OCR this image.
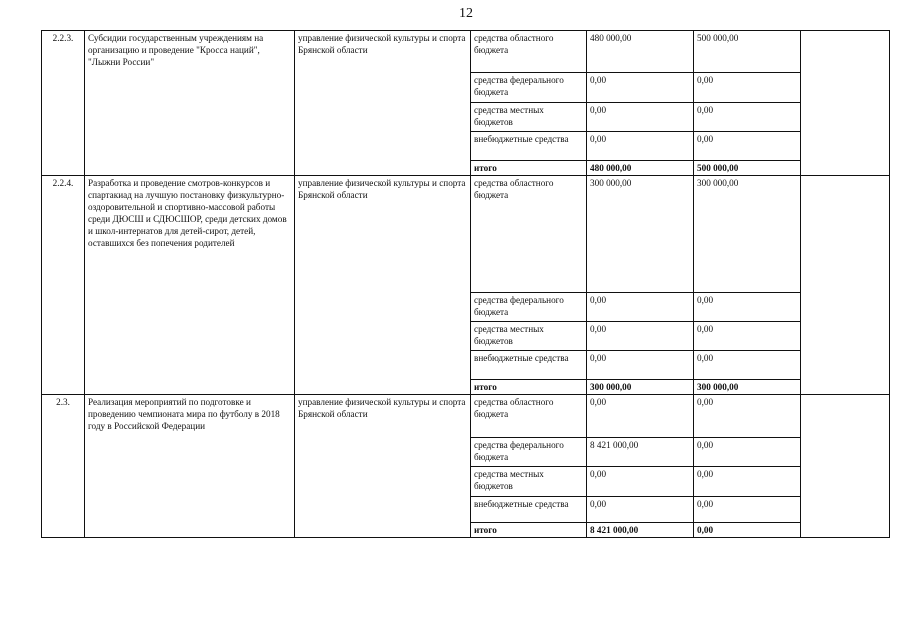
12
2.2.3.	Субсидии государственным учреждениям на организацию и проведение "Кросса наций", "Лыжни России"	управление физической культуры и спорта Брянской области	средства областного бюджета	480 000,00	500 000,00	
			средства федерального бюджета	0,00	0,00	
			средства местных бюджетов	0,00	0,00	
			внебюджетные средства	0,00	0,00	
			итого	480 000,00	500 000,00	
2.2.4.	Разработка и проведение смотров-конкурсов и спартакиад на лучшую постановку физкультурно-оздоровительной и спортивно-массовой работы среди ДЮСШ и СДЮСШОР, среди детских домов и школ-интернатов для детей-сирот, детей, оставшихся без попечения родителей	управление физической культуры и спорта Брянской области	средства областного бюджета	300 000,00	300 000,00	
			средства федерального бюджета	0,00	0,00	
			средства местных бюджетов	0,00	0,00	
			внебюджетные средства	0,00	0,00	
			итого	300 000,00	300 000,00	
2.3.	Реализация мероприятий по подготовке и проведению чемпионата мира по футболу в 2018 году в Российской Федерации	управление физической культуры и спорта Брянской области	средства областного бюджета	0,00	0,00	
			средства федерального бюджета	8 421 000,00	0,00	
			средства местных бюджетов	0,00	0,00	
			внебюджетные средства	0,00	0,00	
			итого	8 421 000,00	0,00	
